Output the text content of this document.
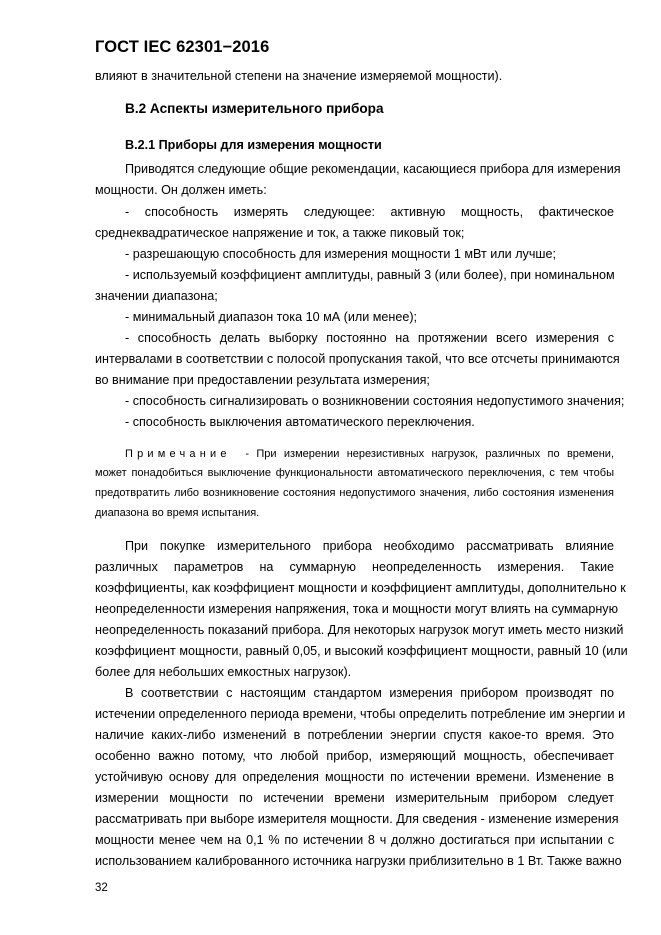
ГОСТ IEC 62301−2016
влияют в значительной степени на значение измеряемой мощности).
В.2 Аспекты измерительного прибора
В.2.1 Приборы для измерения мощности
Приводятся следующие общие рекомендации, касающиеся прибора для измерения
мощности. Он должен иметь:
- способность измерять следующее: активную мощность, фактическое
среднеквадратическое напряжение и ток, а также пиковый ток;
- разрешающую способность для измерения мощности 1 мВт или лучше;
- используемый коэффициент амплитуды, равный 3 (или более), при номинальном
значении диапазона;
- минимальный диапазон тока 10 мА (или менее);
- способность делать выборку постоянно на протяжении всего измерения с
интервалами в соответствии с полосой пропускания такой, что все отсчеты принимаются
во внимание при предоставлении результата измерения;
- способность сигнализировать о возникновении состояния недопустимого значения;
- способность выключения автоматического переключения.
Примечание - При измерении нерезистивных нагрузок, различных по времени,
может понадобиться выключение функциональности автоматического переключения, с тем чтобы
предотвратить либо возникновение состояния недопустимого значения, либо состояния изменения
диапазона во время испытания.
При покупке измерительного прибора необходимо рассматривать влияние
различных параметров на суммарную неопределенность измерения. Такие
коэффициенты, как коэффициент мощности и коэффициент амплитуды, дополнительно к
неопределенности измерения напряжения, тока и мощности могут влиять на суммарную
неопределенность показаний прибора. Для некоторых нагрузок могут иметь место низкий
коэффициент мощности, равный 0,05, и высокий коэффициент мощности, равный 10 (или
более для небольших емкостных нагрузок).
В соответствии с настоящим стандартом измерения прибором производят по
истечении определенного периода времени, чтобы определить потребление им энергии и
наличие каких-либо изменений в потреблении энергии спустя какое-то время. Это
особенно важно потому, что любой прибор, измеряющий мощность, обеспечивает
устойчивую основу для определения мощности по истечении времени. Изменение в
измерении мощности по истечении времени измерительным прибором следует
рассматривать при выборе измерителя мощности. Для сведения - изменение измерения
мощности менее чем на 0,1 % по истечении 8 ч должно достигаться при испытании с
использованием калиброванного источника нагрузки приблизительно в 1 Вт. Также важно
32
